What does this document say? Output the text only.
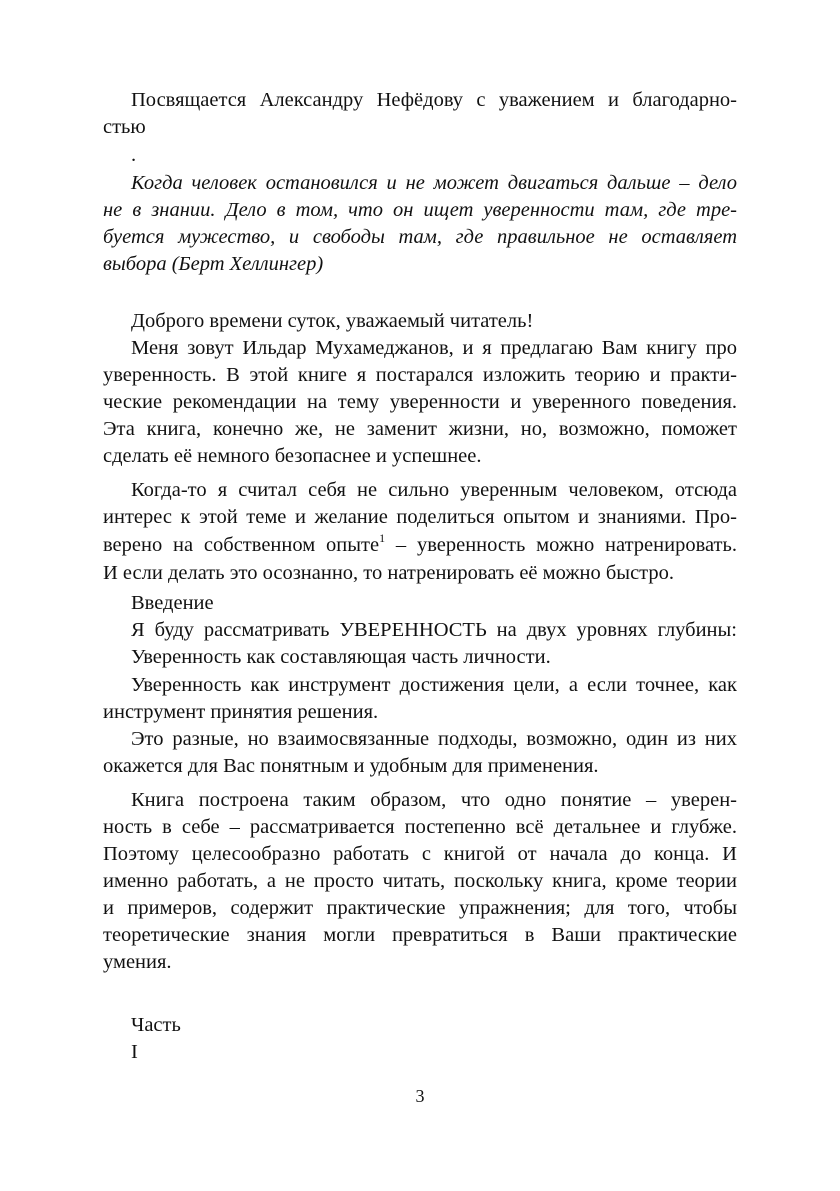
Посвящается Александру Нефёдову с уважением и благодарно-
стью
.
Когда человек остановился и не может двигаться дальше – дело
не в знании. Дело в том, что он ищет уверенности там, где тре-
буется мужество, и свободы там, где правильное не оставляет
выбора (Берт Хеллингер)
Доброго времени суток, уважаемый читатель!
Меня зовут Ильдар Мухамеджанов, и я предлагаю Вам книгу про
уверенность. В этой книге я постарался изложить теорию и практи-
ческие рекомендации на тему уверенности и уверенного поведения.
Эта книга, конечно же, не заменит жизни, но, возможно, поможет
сделать её немного безопаснее и успешнее.
Когда-то я считал себя не сильно уверенным человеком, отсюда
интерес к этой теме и желание поделиться опытом и знаниями. Про-
верено на собственном опыте$^1$ – уверенность можно натренировать.
И если делать это осознанно, то натренировать её можно быстро.
Введение
Я буду рассматривать УВЕРЕННОСТЬ на двух уровнях глубины:
Уверенность как составляющая часть личности.
Уверенность как инструмент достижения цели, а если точнее, как
инструмент принятия решения.
Это разные, но взаимосвязанные подходы, возможно, один из них
окажется для Вас понятным и удобным для применения.
Книга построена таким образом, что одно понятие – уверен-
ность в себе – рассматривается постепенно всё детальнее и глубже.
Поэтому целесообразно работать с книгой от начала до конца. И
именно работать, а не просто читать, поскольку книга, кроме теории
и примеров, содержит практические упражнения; для того, чтобы
теоретические знания могли превратиться в Ваши практические
умения.
Часть
I
3
